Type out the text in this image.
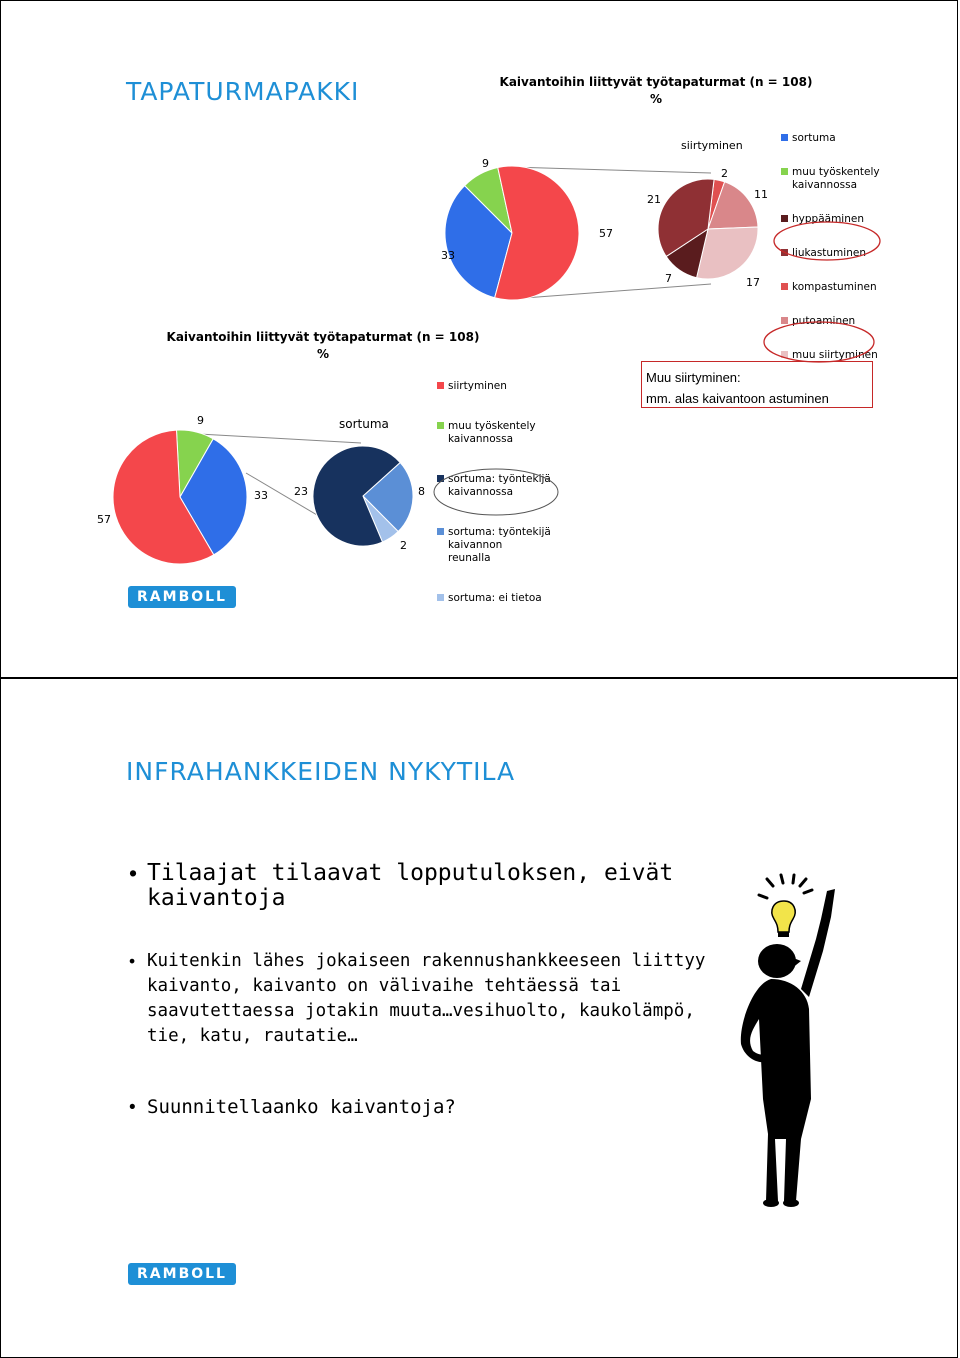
TAPATURMAPAKKI	Kaivantoihin liittyvät työtapaturmat (n = 108)
%
9
33
57
siirtyminen
2
21	11
7	17
sortuma
muu työskentely
kaivannossa
hyppääminen
liukastuminen
kompastuminen
putoaminen
muu siirtyminen
Kaivantoihin liittyvät työtapaturmat (n = 108)
%
9
33
57
sortuma
23	8
2
siirtyminen
muu työskentely
kaivannossa
sortuma: työntekijä
kaivannossa
sortuma: työntekijä
kaivannon
reunalla
sortuma: ei tietoa
Muu siirtyminen:
mm. alas kaivantoon astuminen
RAMBOLL
INFRAHANKKEIDEN NYKYTILA
• Tilaajat tilaavat lopputuloksen, eivät kaivantoja
• Kuitenkin lähes jokaiseen rakennushankkeeseen liittyy kaivanto, kaivanto on välivaihe tehtäessä tai saavutettaessa jotakin muuta…vesihuolto, kaukolämpö, tie, katu, rautatie…
• Suunnitellaanko kaivantoja?
RAMBOLL
